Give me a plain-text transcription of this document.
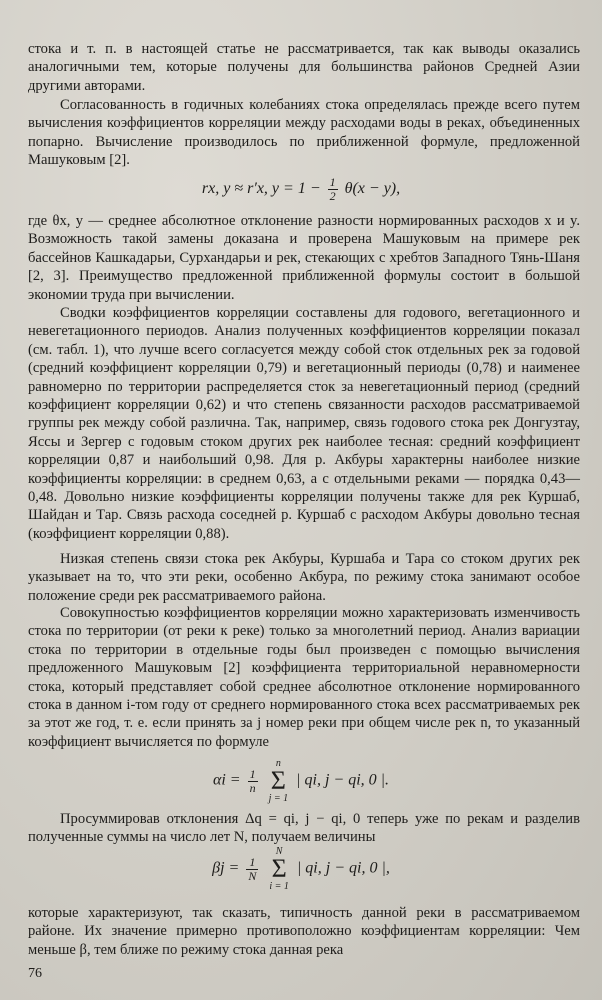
стока и т. п. в настоящей статье не рассматривается, так как выводы оказались аналогичными тем, которые получены для большинства районов Средней Азии другими авторами.

Согласованность в годичных колебаниях стока определялась прежде всего путем вычисления коэффициентов корреляции между расходами воды в реках, объединенных попарно. Вычисление производилось по приближенной формуле, предложенной Машуковым [2].

rx, y ≈ r′x, $y = 1 - \frac{1}{2} \theta(x - y)$,

где θx, y — среднее абсолютное отклонение разности нормированных расходов x и y. Возможность такой замены доказана и проверена Машуковым на примере рек бассейнов Кашкадарьи, Сурхандарьи и рек, стекающих с хребтов Западного Тянь-Шаня [2, 3]. Преимущество предложенной приближенной формулы состоит в большой экономии труда при вычислении.

Сводки коэффициентов корреляции составлены для годового, вегетационного и невегетационного периодов. Анализ полученных коэффициентов корреляции показал (см. табл. 1), что лучше всего согласуется между собой сток отдельных рек за годовой (средний коэффициент корреляции 0,79) и вегетационный периоды (0,78) и наименее равномерно по территории распределяется сток за невегетационный период (средний коэффициент корреляции 0,62) и что степень связанности расходов рассматриваемой группы рек между собой различна. Так, например, связь годового стока рек Донгузтау, Яссы и Зергер с годовым стоком других рек наиболее тесная: средний коэффициент корреляции 0,87 и наибольший 0,98. Для р. Акбуры характерны наиболее низкие коэффициенты корреляции: в среднем 0,63, а с отдельными реками — порядка 0,43—0,48. Довольно низкие коэффициенты корреляции получены также для рек Куршаб, Шайдан и Тар. Связь расхода соседней р. Куршаб с расходом Акбуры довольно тесная (коэффициент корреляции 0,88).

Низкая степень связи стока рек Акбуры, Куршаба и Тара со стоком других рек указывает на то, что эти реки, особенно Акбура, по режиму стока занимают особое положение среди рек рассматриваемого района.

Совокупностью коэффициентов корреляции можно характеризовать изменчивость стока по территории (от реки к реке) только за многолетний период. Анализ вариации стока по территории в отдельные годы был произведен с помощью вычисления предложенного Машуковым [2] коэффициента территориальной неравномерности стока, который представляет собой среднее абсолютное отклонение нормированного стока в данном i-том году от среднего нормированного стока всех рассматриваемых рек за этот же год, т. е. если принять за j номер реки при общем числе рек n, то указанный коэффициент вычисляется по формуле

$\alpha i = \frac{1}{n}$
n
Σ
j = 1 | qi, j − qi, 0 |.

Просуммировав отклонения Δq = qi, j − qi, 0 теперь уже по рекам и разделив полученные суммы на число лет N, получаем величины

$\beta j = \frac{1}{N}$
N
Σ
i = 1 | qi, j − qi, 0 |,

которые характеризуют, так сказать, типичность данной реки в рассматриваемом районе. Их значение примерно противоположно коэффициентам корреляции: Чем меньше β, тем ближе по режиму стока данная река

76
